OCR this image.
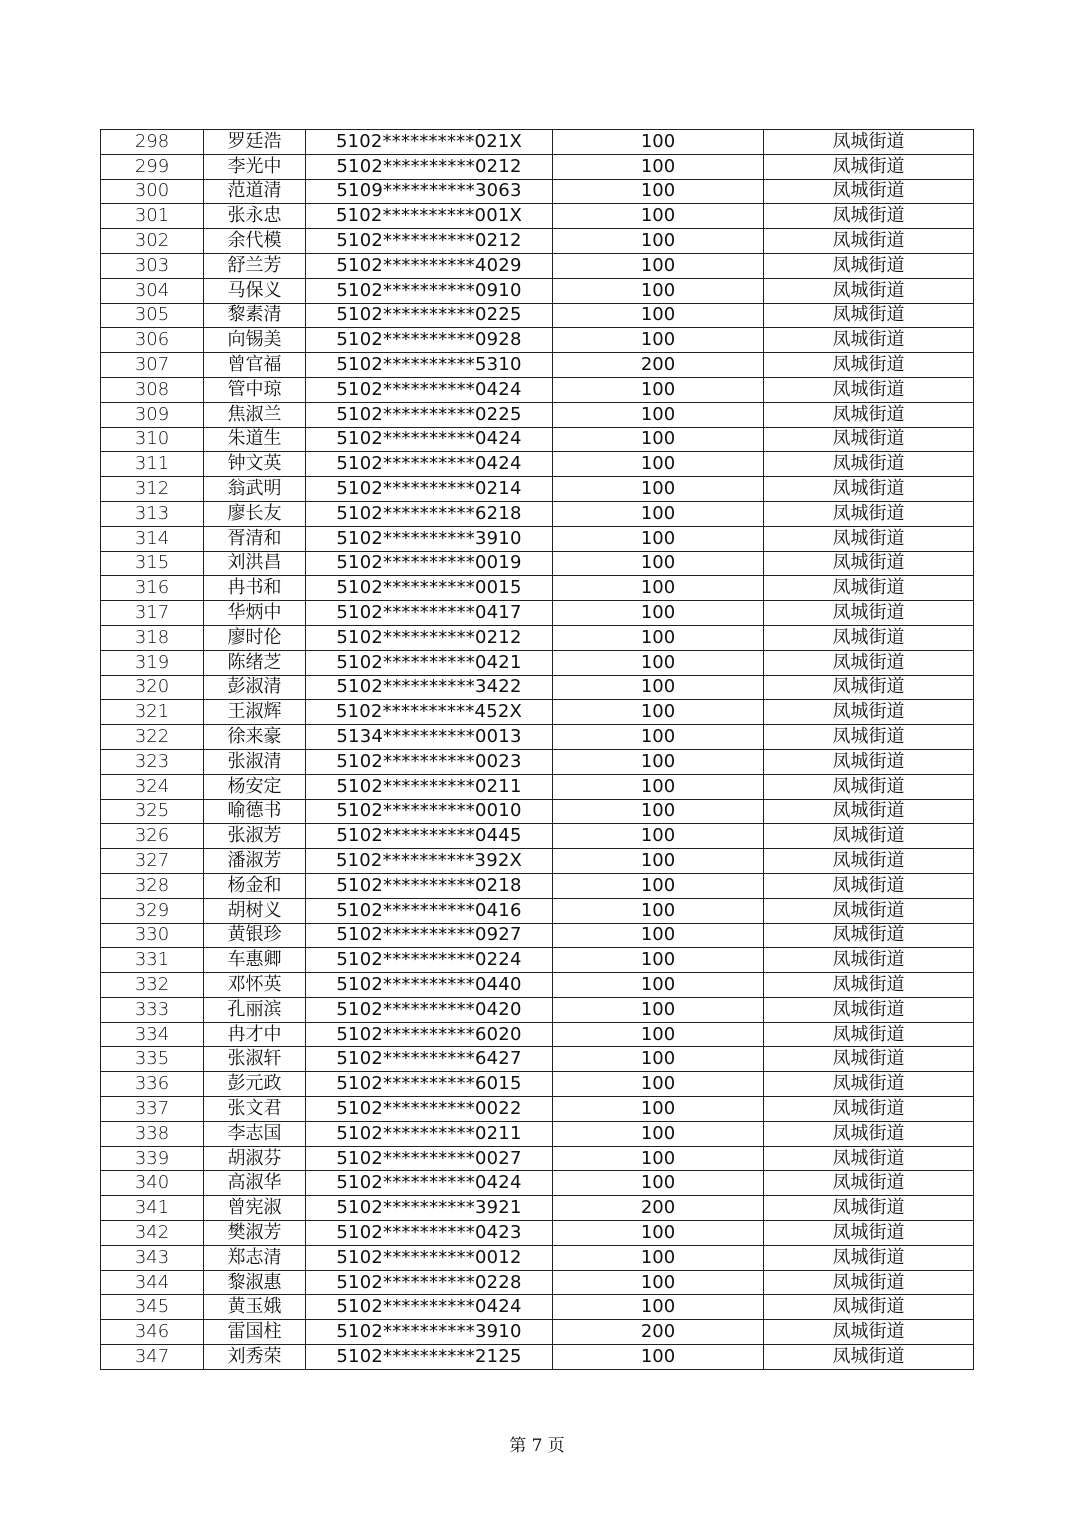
298	罗廷浩	5102**********021X	100	凤城街道
299	李光中	5102**********0212	100	凤城街道
300	范道清	5109**********3063	100	凤城街道
301	张永忠	5102**********001X	100	凤城街道
302	余代模	5102**********0212	100	凤城街道
303	舒兰芳	5102**********4029	100	凤城街道
304	马保义	5102**********0910	100	凤城街道
305	黎素清	5102**********0225	100	凤城街道
306	向锡美	5102**********0928	100	凤城街道
307	曾官福	5102**********5310	200	凤城街道
308	管中琼	5102**********0424	100	凤城街道
309	焦淑兰	5102**********0225	100	凤城街道
310	朱道生	5102**********0424	100	凤城街道
311	钟文英	5102**********0424	100	凤城街道
312	翁武明	5102**********0214	100	凤城街道
313	廖长友	5102**********6218	100	凤城街道
314	胥清和	5102**********3910	100	凤城街道
315	刘洪昌	5102**********0019	100	凤城街道
316	冉书和	5102**********0015	100	凤城街道
317	华炳中	5102**********0417	100	凤城街道
318	廖时伦	5102**********0212	100	凤城街道
319	陈绪芝	5102**********0421	100	凤城街道
320	彭淑清	5102**********3422	100	凤城街道
321	王淑辉	5102**********452X	100	凤城街道
322	徐来豪	5134**********0013	100	凤城街道
323	张淑清	5102**********0023	100	凤城街道
324	杨安定	5102**********0211	100	凤城街道
325	喻德书	5102**********0010	100	凤城街道
326	张淑芳	5102**********0445	100	凤城街道
327	潘淑芳	5102**********392X	100	凤城街道
328	杨金和	5102**********0218	100	凤城街道
329	胡树义	5102**********0416	100	凤城街道
330	黄银珍	5102**********0927	100	凤城街道
331	车惠卿	5102**********0224	100	凤城街道
332	邓怀英	5102**********0440	100	凤城街道
333	孔丽滨	5102**********0420	100	凤城街道
334	冉才中	5102**********6020	100	凤城街道
335	张淑轩	5102**********6427	100	凤城街道
336	彭元政	5102**********6015	100	凤城街道
337	张文君	5102**********0022	100	凤城街道
338	李志国	5102**********0211	100	凤城街道
339	胡淑芬	5102**********0027	100	凤城街道
340	高淑华	5102**********0424	100	凤城街道
341	曾宪淑	5102**********3921	200	凤城街道
342	樊淑芳	5102**********0423	100	凤城街道
343	郑志清	5102**********0012	100	凤城街道
344	黎淑惠	5102**********0228	100	凤城街道
345	黄玉娥	5102**********0424	100	凤城街道
346	雷国柱	5102**********3910	200	凤城街道
347	刘秀荣	5102**********2125	100	凤城街道
第 7 页
